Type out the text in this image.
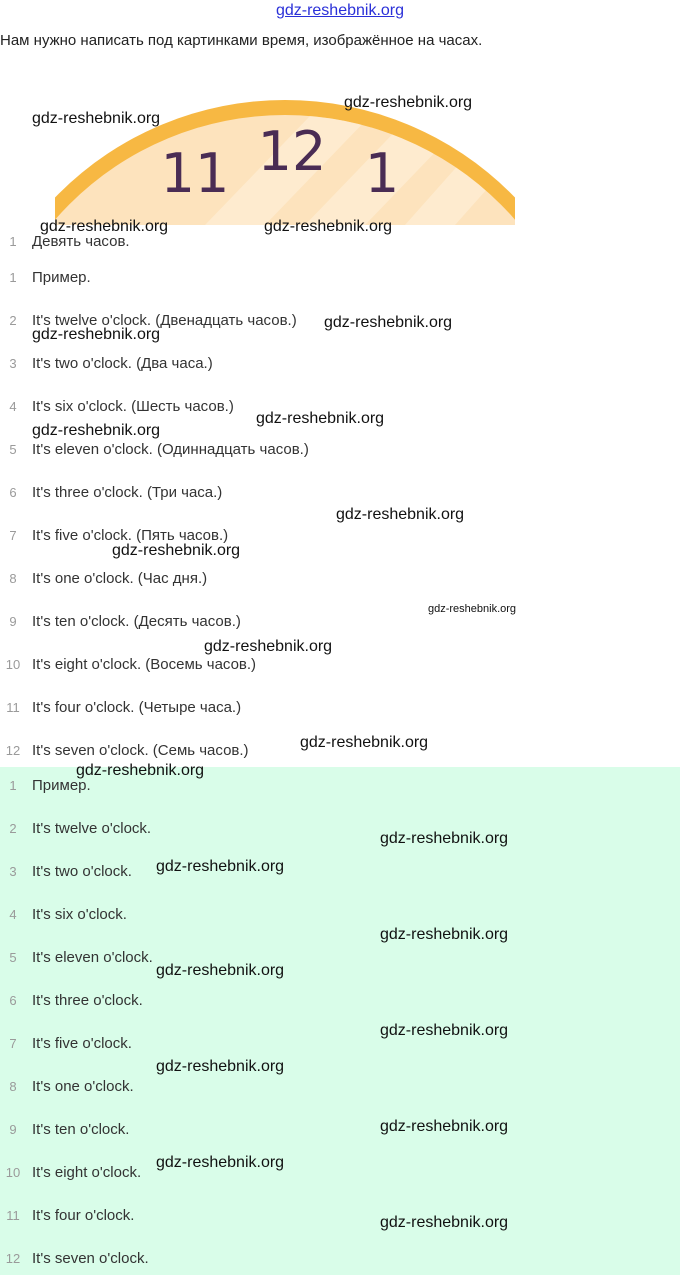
gdz-reshebnik.org
Нам нужно написать под картинками время, изображённое на часах.
11 12 1
1	Девять часов.
1	Пример.
2	It's twelve o'clock. (Двенадцать часов.)
3	It's two o'clock. (Два часа.)
4	It's six o'clock. (Шесть часов.)
5	It's eleven o'clock. (Одиннадцать часов.)
6	It's three o'clock. (Три часа.)
7	It's five o'clock. (Пять часов.)
8	It's one o'clock. (Час дня.)
9	It's ten o'clock. (Десять часов.)
10 It's eight o'clock. (Восемь часов.)
11 It's four o'clock. (Четыре часа.)
12 It's seven o'clock. (Семь часов.)
1	Пример.
2	It's twelve o'clock.
3	It's two o'clock.
4	It's six o'clock.
5	It's eleven o'clock.
6	It's three o'clock.
7	It's five o'clock.
8	It's one o'clock.
9	It's ten o'clock.
10 It's eight o'clock.
11 It's four o'clock.
12 It's seven o'clock.
gdz-reshebnik.org
gdz-reshebnik.org
gdz-reshebnik.org	gdz-reshebnik.org
gdz-reshebnik.org
gdz-reshebnik.org
gdz-reshebnik.org
gdz-reshebnik.org
gdz-reshebnik.org
gdz-reshebnik.org
gdz-reshebnik.org
gdz-reshebnik.org
gdz-reshebnik.org
gdz-reshebnik.org
gdz-reshebnik.org
gdz-reshebnik.org
gdz-reshebnik.org
gdz-reshebnik.org
gdz-reshebnik.org
gdz-reshebnik.org
gdz-reshebnik.org
gdz-reshebnik.org
gdz-reshebnik.org
